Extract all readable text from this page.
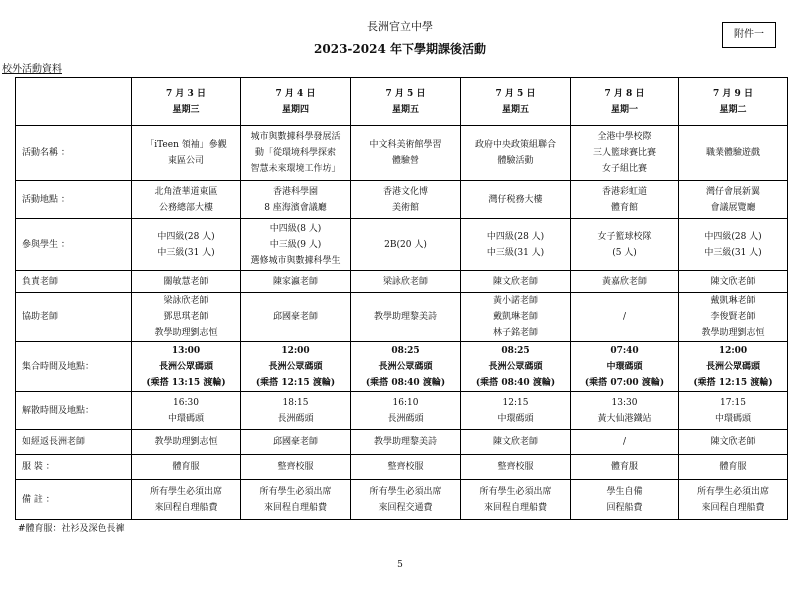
長洲官立中學
2023-2024 年下學期課後活動
附件一
校外活動資料

	7 月 3 日
星期三	7 月 4 日
星期四	7 月 5 日
星期五	7 月 5 日
星期五	7 月 8 日
星期一	7 月 9 日
星期二

活動名稱 ：	「iTeen 領袖」參觀
東區公司	城市與數據科學發展活
動「從環境科學探索
智慧未來環境工作坊」	中文科美術館學習
體驗營	政府中央政策組聯合
體驗活動	全港中學校際
三人籃球賽比賽
女子組比賽	職業體驗遊戲

活動地點 ：	北角渣華道東區
公務總部大樓	香港科學園
8 座海濱會議廳	香港文化博
美術館	灣仔税務大樓	香港彩虹道
體育館	灣仔會展新翼
會議展覽廳

參與學生 ：	中四級(28 人)
中三級(31 人)	中四級(8 人)
中三級(9 人)
選修城市與數據科學生	2B(20 人)	中四級(28 人)
中三級(31 人)	女子籃球校隊
(5 人)	中四級(28 人)
中三級(31 人)

負責老師	關敏慧老師	陳家瀛老師	梁詠欣老師	陳文欣老師	黃嘉欣老師	陳文欣老師

協助老師	梁詠欣老師
鄧思琪老師
教學助理劉志恒	邱國豪老師	教學助理黎美詩	黃小諾老師
戴凱琳老師
林子銘老師	/	戴凱琳老師
李俊賢老師
教學助理劉志恒

集合時間及地點：	13:00
長洲公眾碼頭
(乘搭 13:15 渡輪)	12:00
長洲公眾碼頭
(乘搭 12:15 渡輪)	08:25
長洲公眾碼頭
(乘搭 08:40 渡輪)	08:25
長洲公眾碼頭
(乘搭 08:40 渡輪)	07:40
中環碼頭
(乘搭 07:00 渡輪)	12:00
長洲公眾碼頭
(乘搭 12:15 渡輪)

解散時間及地點：	16:30
中環碼頭	18:15
長洲碼頭	16:10
長洲碼頭	12:15
中環碼頭	13:30
黃大仙港鐵站	17:15
中環碼頭

如經返長洲老師	教學助理劉志恒	邱國豪老師	教學助理黎美詩	陳文欣老師	/	陳文欣老師

服 裝 ：	體育服	整齊校服	整齊校服	整齊校服	體育服	體育服

備 註 ：	所有學生必須出席
來回程自理船費	所有學生必須出席
來回程自理船費	所有學生必須出席
來回程交通費	所有學生必須出席
來回程自理船費	學生自備
回程船費	所有學生必須出席
來回程自理船費
#體育服：社衫及深色長褲
5
